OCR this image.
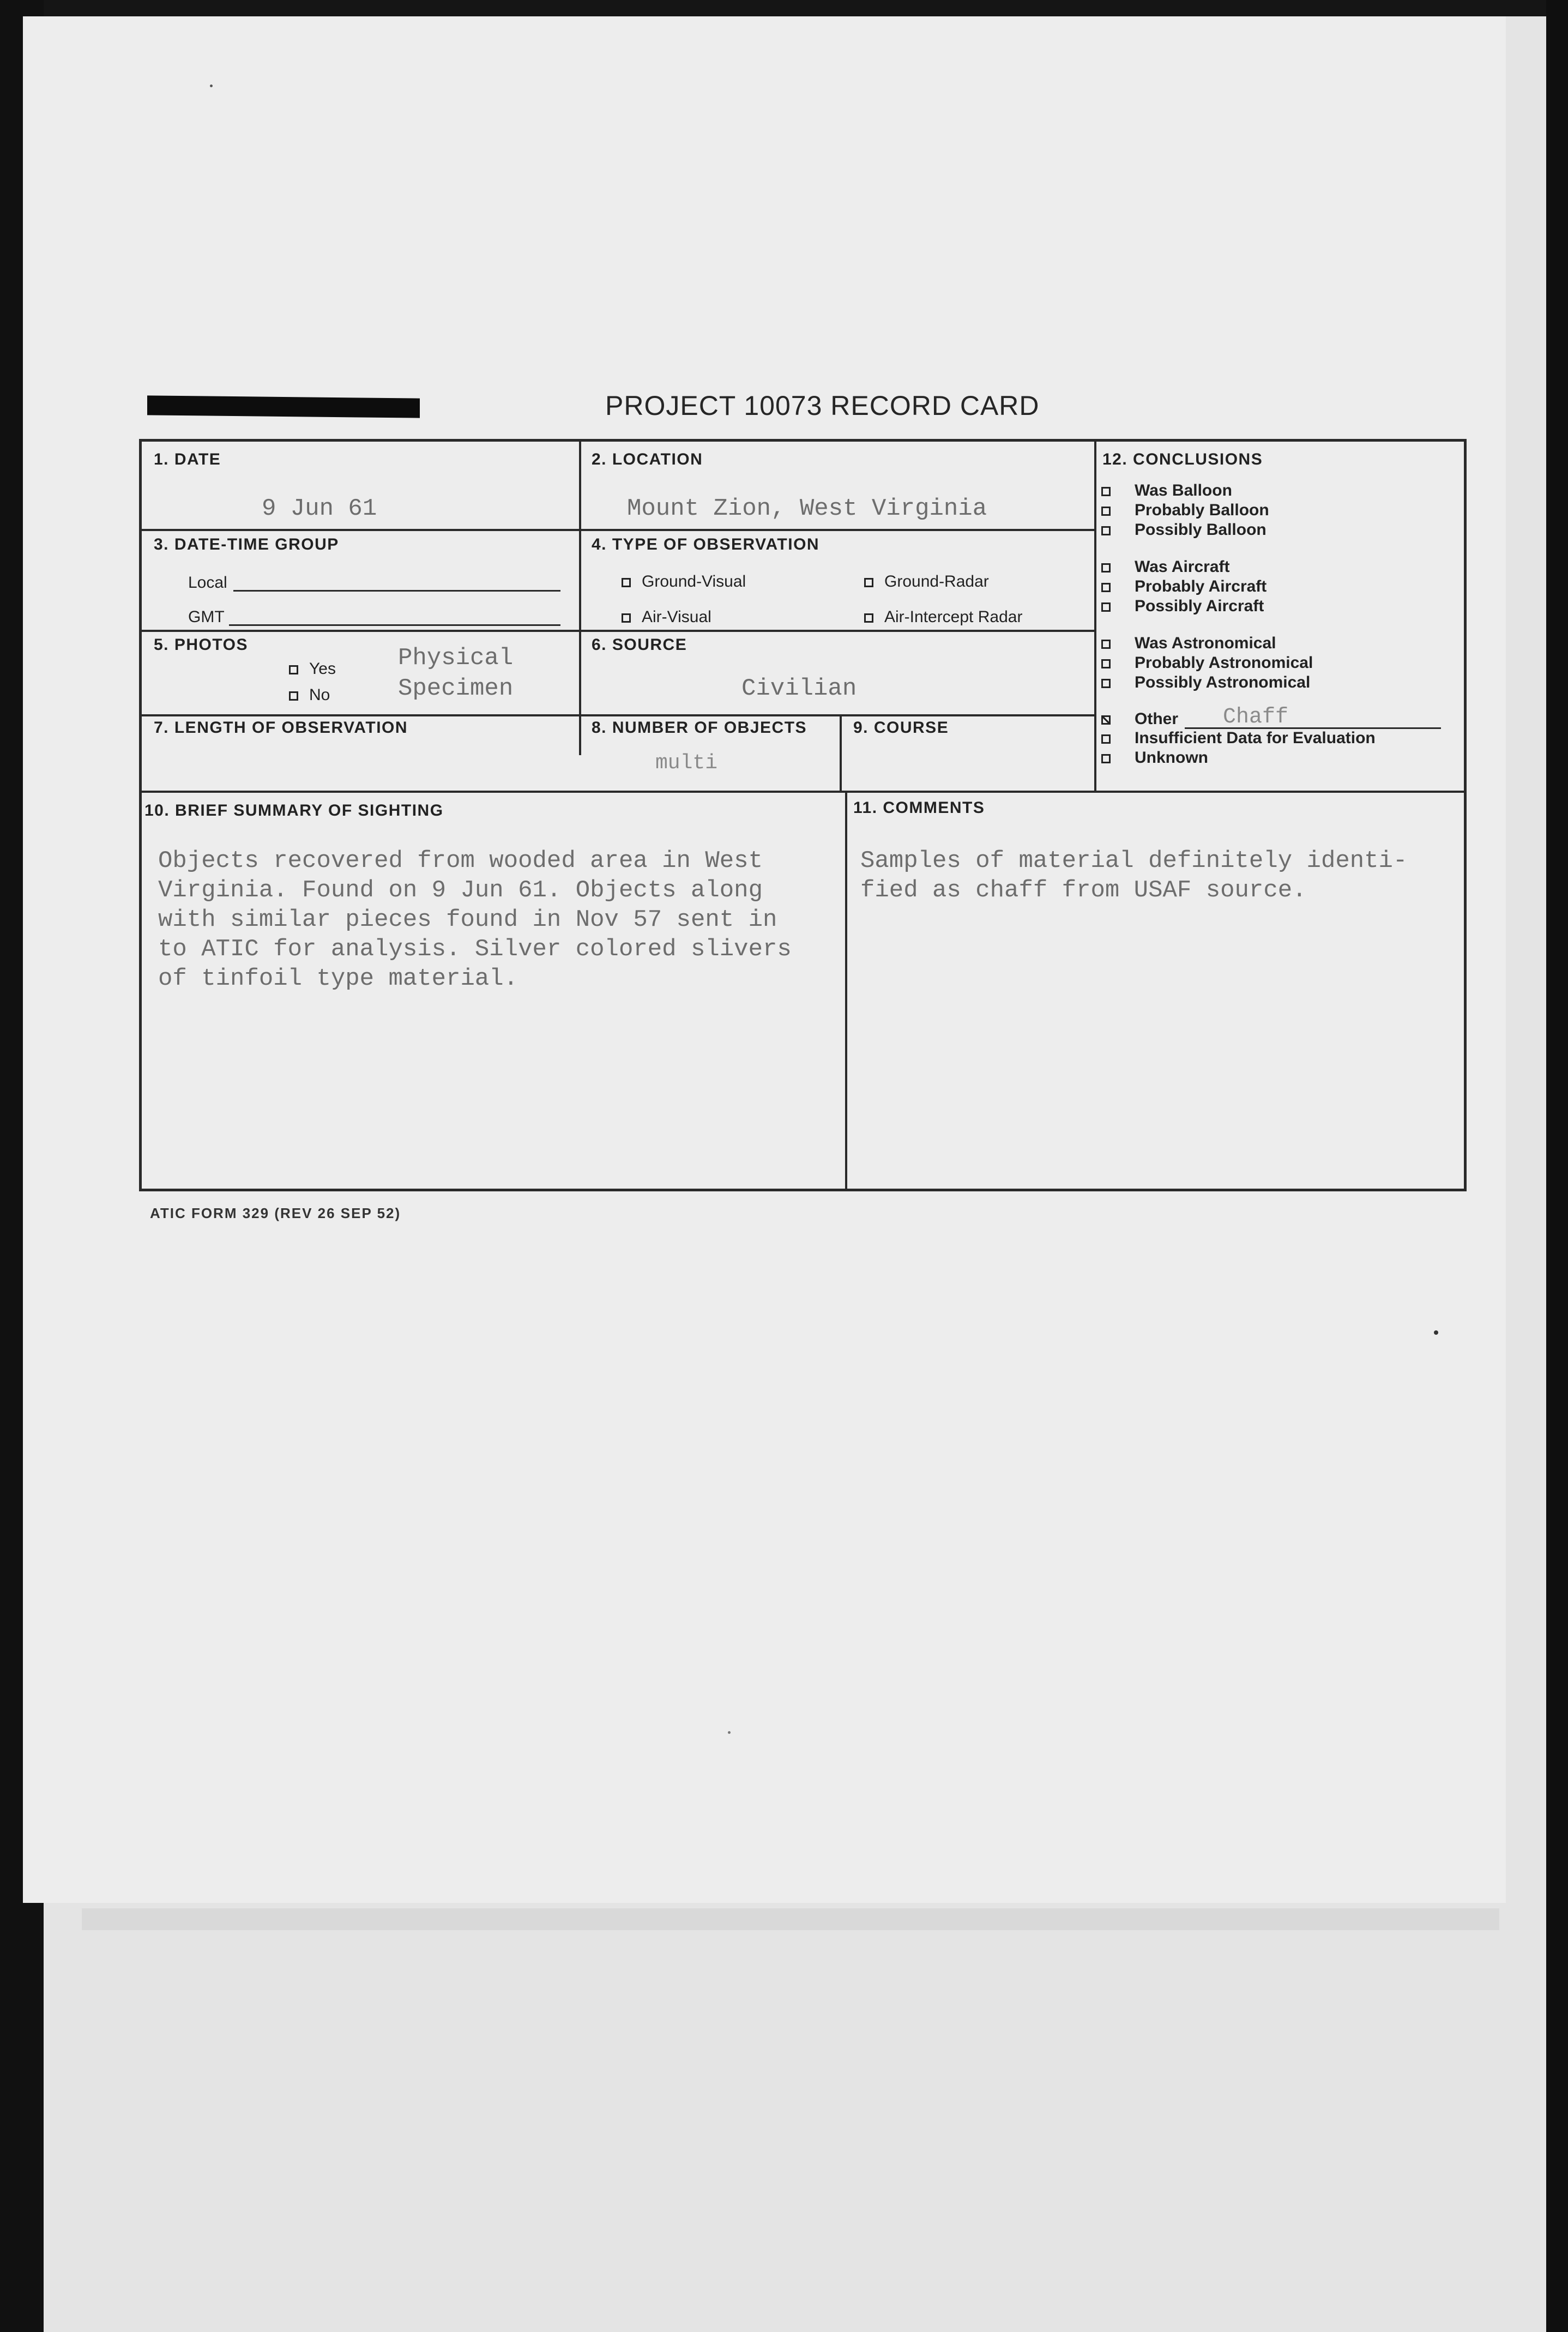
PROJECT 10073 RECORD CARD
1. DATE
9 Jun 61
2. LOCATION
Mount Zion, West Virginia
3. DATE-TIME GROUP
Local
GMT
4. TYPE OF OBSERVATION
Ground-Visual	Ground-Radar
Air-Visual	Air-Intercept Radar
5. PHOTOS
Yes
No
Physical
Specimen
6. SOURCE
Civilian
7. LENGTH OF OBSERVATION	8. NUMBER OF OBJECTS
multi
9. COURSE
10. BRIEF SUMMARY OF SIGHTING
Objects recovered from wooded area in West
Virginia. Found on 9 Jun 61. Objects along
with similar pieces found in Nov 57 sent in
to ATIC for analysis. Silver colored slivers
of tinfoil type material.
11. COMMENTS
Samples of material definitely identi-
fied as chaff from USAF source.
12. CONCLUSIONS
Was Balloon
Probably Balloon
Possibly Balloon
Was Aircraft
Probably Aircraft
Possibly Aircraft
Was Astronomical
Probably Astronomical
Possibly Astronomical
Other Chaff
Insufficient Data for Evaluation
Unknown
ATIC FORM 329 (REV 26 SEP 52)
